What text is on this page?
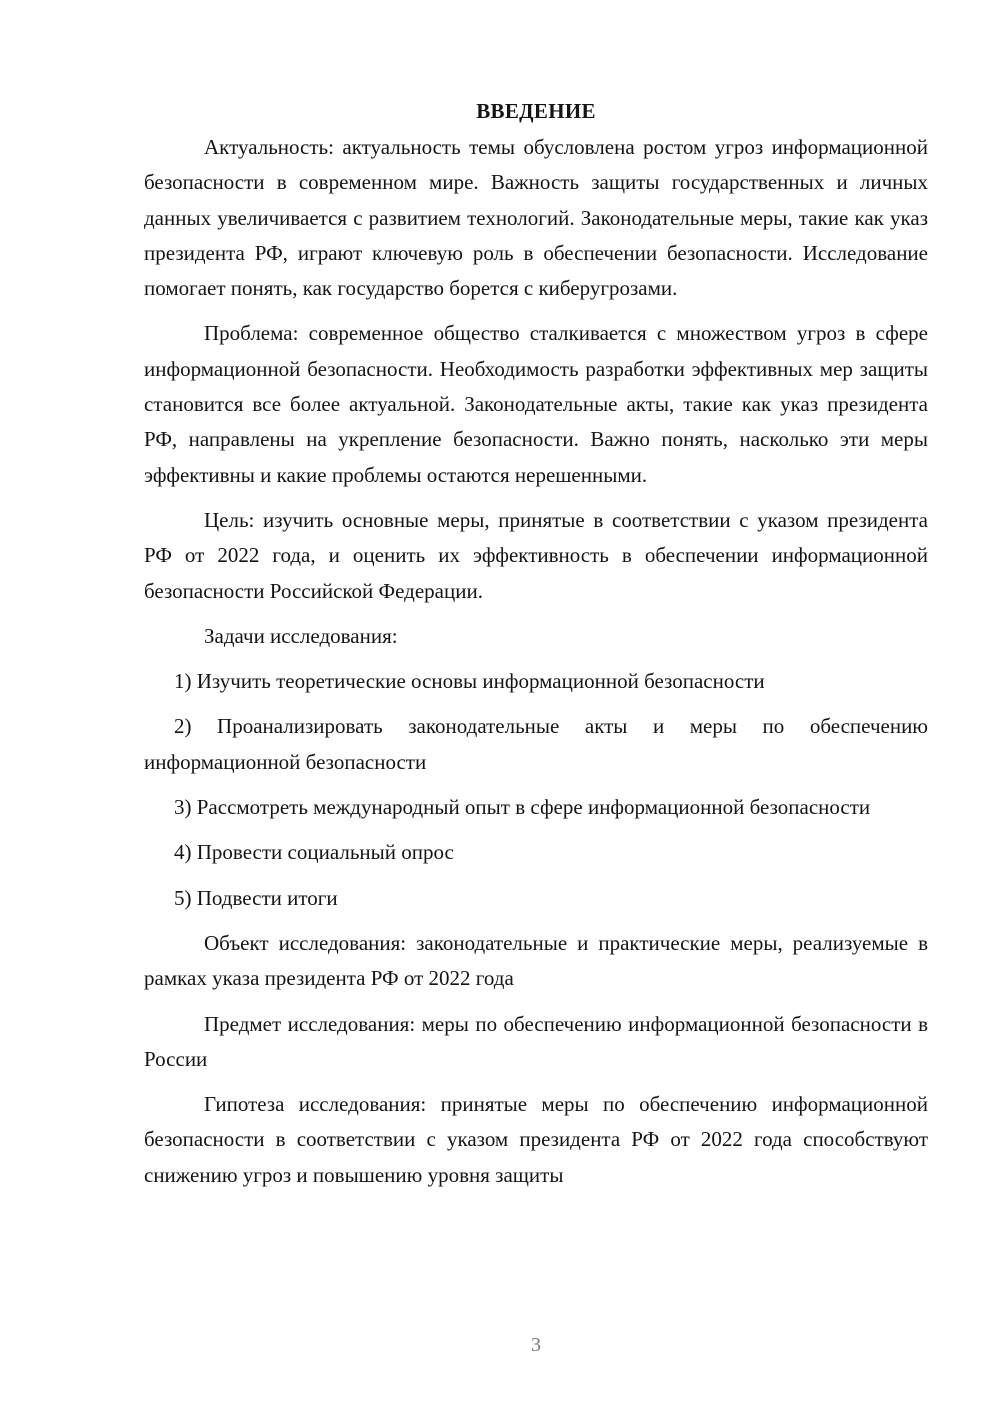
ВВЕДЕНИЕ

Актуальность: актуальность темы обусловлена ростом угроз информационной безопасности в современном мире. Важность защиты государственных и личных данных увеличивается с развитием технологий. Законодательные меры, такие как указ президента РФ, играют ключевую роль в обеспечении безопасности. Исследование помогает понять, как государство борется с киберугрозами.

Проблема: современное общество сталкивается с множеством угроз в сфере информационной безопасности. Необходимость разработки эффективных мер защиты становится все более актуальной. Законодательные акты, такие как указ президента РФ, направлены на укрепление безопасности. Важно понять, насколько эти меры эффективны и какие проблемы остаются нерешенными.

Цель: изучить основные меры, принятые в соответствии с указом президента РФ от 2022 года, и оценить их эффективность в обеспечении информационной безопасности Российской Федерации.

Задачи исследования:

1) Изучить теоретические основы информационной безопасности

2) Проанализировать законодательные акты и меры по обеспечению информационной безопасности

3) Рассмотреть международный опыт в сфере информационной безопасности

4) Провести социальный опрос

5) Подвести итоги

Объект исследования: законодательные и практические меры, реализуемые в рамках указа президента РФ от 2022 года

Предмет исследования: меры по обеспечению информационной безопасности в России

Гипотеза исследования: принятые меры по обеспечению информационной безопасности в соответствии с указом президента РФ от 2022 года способствуют снижению угроз и повышению уровня защиты

3
